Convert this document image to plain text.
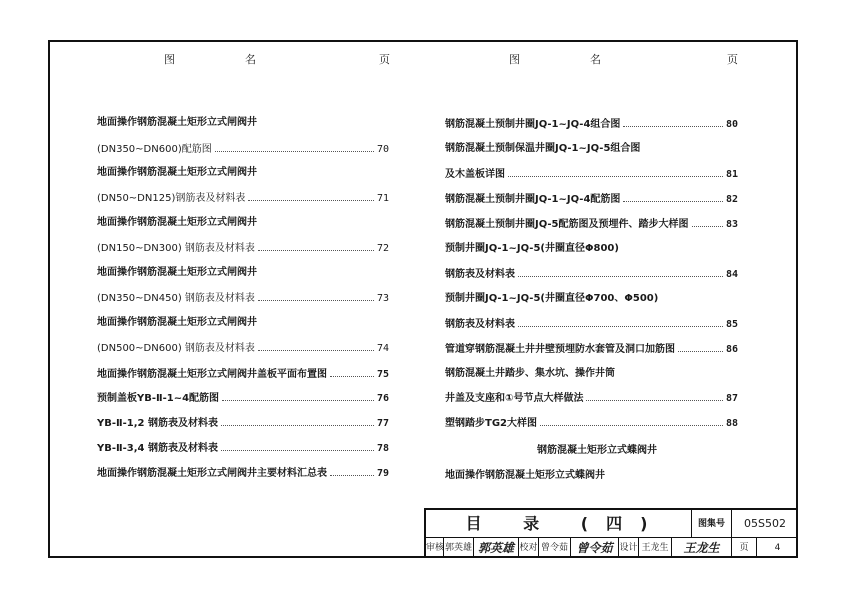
图	名	页
地面操作钢筋混凝土矩形立式闸阀井
(DN350~DN600)配筋图	70
地面操作钢筋混凝土矩形立式闸阀井
(DN50~DN125)钢筋表及材料表	71
地面操作钢筋混凝土矩形立式闸阀井
(DN150~DN300) 钢筋表及材料表	72
地面操作钢筋混凝土矩形立式闸阀井
(DN350~DN450) 钢筋表及材料表	73
地面操作钢筋混凝土矩形立式闸阀井
(DN500~DN600) 钢筋表及材料表	74
地面操作钢筋混凝土矩形立式闸阀井盖板平面布置图	75
预制盖板YB-Ⅱ-1~4配筋图	76
YB-Ⅱ-1,2 钢筋表及材料表	77
YB-Ⅱ-3,4 钢筋表及材料表	78
地面操作钢筋混凝土矩形立式闸阀井主要材料汇总表	79
图	名	页
钢筋混凝土预制井圈JQ-1~JQ-4组合图	80
钢筋混凝土预制保温井圈JQ-1~JQ-5组合图
及木盖板详图	81
钢筋混凝土预制井圈JQ-1~JQ-4配筋图	82
钢筋混凝土预制井圈JQ-5配筋图及预埋件、踏步大样图	83
预制井圈JQ-1~JQ-5(井圈直径Φ800)
钢筋表及材料表	84
预制井圈JQ-1~JQ-5(井圈直径Φ700、Φ500)
钢筋表及材料表	85
管道穿钢筋混凝土井井壁预埋防水套管及洞口加筋图	86
钢筋混凝土井踏步、集水坑、操作井筒
井盖及支座和①号节点大样做法	87
塑钢踏步TG2大样图	88
钢筋混凝土矩形立式蝶阀井
地面操作钢筋混凝土矩形立式蝶阀井
目 录 (四)	图集号	05S502
审核 郭英雄 郭英雄 校对 曾令茹 曾令茹 设计 王龙生	王龙生	页	4
